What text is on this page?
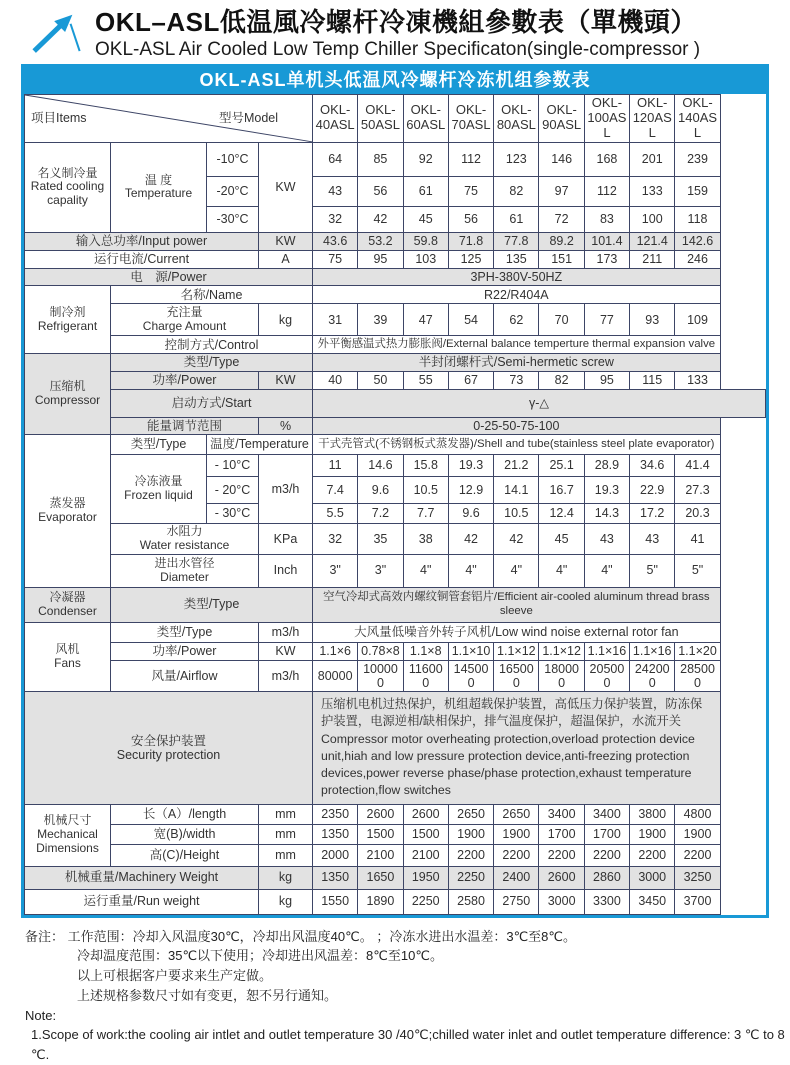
OKL–ASL低温風冷螺杆冷凍機組參數表（單機頭）
OKL-ASL Air Cooled Low Temp Chiller Specificaton(single-compressor )
OKL-ASL单机头低温风冷螺杆冷冻机组参数表
项目Items 型号Model				OKL-40ASL	OKL-50ASL	OKL-60ASL	OKL-70ASL	OKL-80ASL	OKL-90ASL	OKL-100ASL	OKL-120ASL	OKL-140ASL

名义制冷量
Rated cooling capality

温 度
Temperature
	-10°C	KW	64	85	92	112	123	146	168	201	239
		-20°C		43	56	61	75	82	97	112	133	159
		-30°C		32	42	45	56	61	72	83	100	118
输入总功率/Input power			KW	43.6	53.2	59.8	71.8	77.8	89.2	101.4	121.4	142.6
运行电流/Current			A	75	95	103	125	135	151	173	211	246
电　源/Power				3PH-380V-50HZ								

制冷剂
Refrigerant	名称/Name			R22/R404A								

	充注量
Charge Amount		kg	31	39	47	54	62	70	77	93	109
	控制方式/Control			外平衡感温式热力膨胀阀/External balance temperture thermal expansion valve								

压缩机
Compressor	类型/Type			半封闭螺杆式/Semi-hermetic screw								
	功率/Power		KW	40	50	55	67	73	82	95	115	133
	启动方式/Start			γ-△								
	能量调节范围		%	0-25-50-75-100								

蒸发器
Evaporator	类型/Type	温度/Temperature		干式壳管式(不锈钢板式蒸发器)/Shell and tube(stainless steel plate evaporator)								

	冷冻液量
Frozen liquid	- 10°C	m3/h	11	14.6	15.8	19.3	21.2	25.1	28.9	34.6	41.4
		- 20°C		7.4	9.6	10.5	12.9	14.1	16.7	19.3	22.9	27.3
		- 30°C		5.5	7.2	7.7	9.6	10.5	12.4	14.3	17.2	20.3

	水阻力
Water resistance		KPa	32	35	38	42	42	45	43	43	41

	进出水管径
Diameter		Inch	3"	3"	4"	4"	4"	4"	4"	5"	5"

冷凝器
Condenser	类型/Type			空气冷却式高效内螺纹铜管套铝片/Efficient air-cooled aluminum thread brass sleeve								

风机
Fans	类型/Type		m3/h	大风量低噪音外转子风机/Low wind noise external rotor fan								
	功率/Power		KW	1.1×6	0.78×8	1.1×8	1.1×10	1.1×12	1.1×12	1.1×16	1.1×16	1.1×20
	风量/Airflow		m3/h	80000	100000	116000	145000	165000	180000	205000	242000	285000

安全保护装置
Security protection

压缩机电机过热保护，机组超载保护装置，高低压力保护装置，防冻保护装置，电源逆相/缺相保护，排气温度保护，超温保护，水流开关
Compressor motor overheating protection,overload protection device unit,hiah and low pressure protection device,anti-freezing protection devices,power reverse phase/phase protection,exhaust temperature protection,flow switches

机械尺寸
Mechanical Dimensions	长（A）/length		mm	2350	2600	2600	2650	2650	3400	3400	3800	4800
	宽(B)/width		mm	1350	1500	1500	1900	1900	1700	1700	1900	1900
	高(C)/Height		mm	2000	2100	2100	2200	2200	2200	2200	2200	2200
机械重量/Machinery Weight			kg	1350	1650	1950	2250	2400	2600	2860	3000	3250
运行重量/Run weight			kg	1550	1890	2250	2580	2750	3000	3300	3450	3700
备注： 工作范围：冷却入风温度30℃，冷却出风温度40℃。 ；冷冻水进出水温差：3℃至8℃。
冷却温度范围：35℃以下使用；冷却进出风温差：8℃至10℃。
以上可根据客户要求来生产定做。
上述规格参数尺寸如有变更，恕不另行通知。
Note:
1.Scope of work:the cooling air intlet and outlet temperature 30 /40℃;chilled water inlet and outlet temperature difference: 3 ℃ to 8 ℃.
